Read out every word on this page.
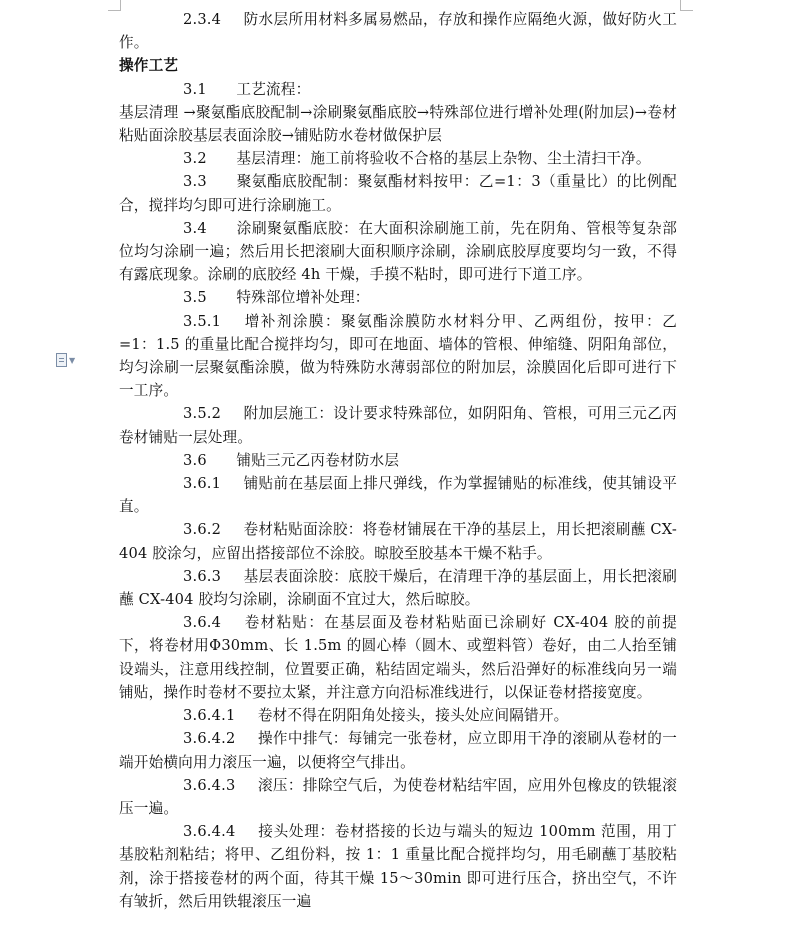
▼

2.3.4   防水层所用材料多属易燃品，存放和操作应隔绝火源，做好防火工作。

操作工艺

3.1   工艺流程：

基层清理 →聚氨酯底胶配制→涂刷聚氨酯底胶→特殊部位进行增补处理(附加层)→卷材粘贴面涂胶基层表面涂胶→铺贴防水卷材做保护层

3.2   基层清理：施工前将验收不合格的基层上杂物、尘土清扫干净。

3.3   聚氨酯底胶配制：聚氨酯材料按甲：乙=1：3（重量比）的比例配合，搅拌均匀即可进行涂刷施工。

3.4   涂刷聚氨酯底胶：在大面积涂刷施工前，先在阴角、管根等复杂部位均匀涂刷一遍；然后用长把滚刷大面积顺序涂刷，涂刷底胶厚度要均匀一致，不得有露底现象。涂刷的底胶经 4h 干燥，手摸不粘时，即可进行下道工序。

3.5   特殊部位增补处理：

3.5.1   增补剂涂膜：聚氨酯涂膜防水材料分甲、乙两组份，按甲：乙=1：1.5 的重量比配合搅拌均匀，即可在地面、墙体的管根、伸缩缝、阴阳角部位，均匀涂刷一层聚氨酯涂膜，做为特殊防水薄弱部位的附加层，涂膜固化后即可进行下一工序。

3.5.2   附加层施工：设计要求特殊部位，如阴阳角、管根，可用三元乙丙卷材铺贴一层处理。

3.6   铺贴三元乙丙卷材防水层

3.6.1   铺贴前在基层面上排尺弹线，作为掌握铺贴的标准线，使其铺设平直。

3.6.2   卷材粘贴面涂胶：将卷材铺展在干净的基层上，用长把滚刷蘸 CX-404 胶涂匀，应留出搭接部位不涂胶。晾胶至胶基本干燥不粘手。

3.6.3   基层表面涂胶：底胶干燥后，在清理干净的基层面上，用长把滚刷蘸 CX-404 胶均匀涂刷，涂刷面不宜过大，然后晾胶。

3.6.4   卷材粘贴：在基层面及卷材粘贴面已涂刷好 CX-404 胶的前提下，将卷材用Φ30mm、长 1.5m 的圆心棒（圆木、或塑料管）卷好，由二人抬至铺设端头，注意用线控制，位置要正确，粘结固定端头，然后沿弹好的标准线向另一端铺贴，操作时卷材不要拉太紧，并注意方向沿标准线进行，以保证卷材搭接宽度。

3.6.4.1   卷材不得在阴阳角处接头，接头处应间隔错开。

3.6.4.2   操作中排气：每铺完一张卷材，应立即用干净的滚刷从卷材的一端开始横向用力滚压一遍，以便将空气排出。

3.6.4.3   滚压：排除空气后，为使卷材粘结牢固，应用外包橡皮的铁辊滚压一遍。

3.6.4.4   接头处理：卷材搭接的长边与端头的短边 100mm 范围，用丁基胶粘剂粘结；将甲、乙组份料，按 1：1 重量比配合搅拌均匀，用毛刷蘸丁基胶粘剂，涂于搭接卷材的两个面，待其干燥 15～30min 即可进行压合，挤出空气，不许有皱折，然后用铁辊滚压一遍
